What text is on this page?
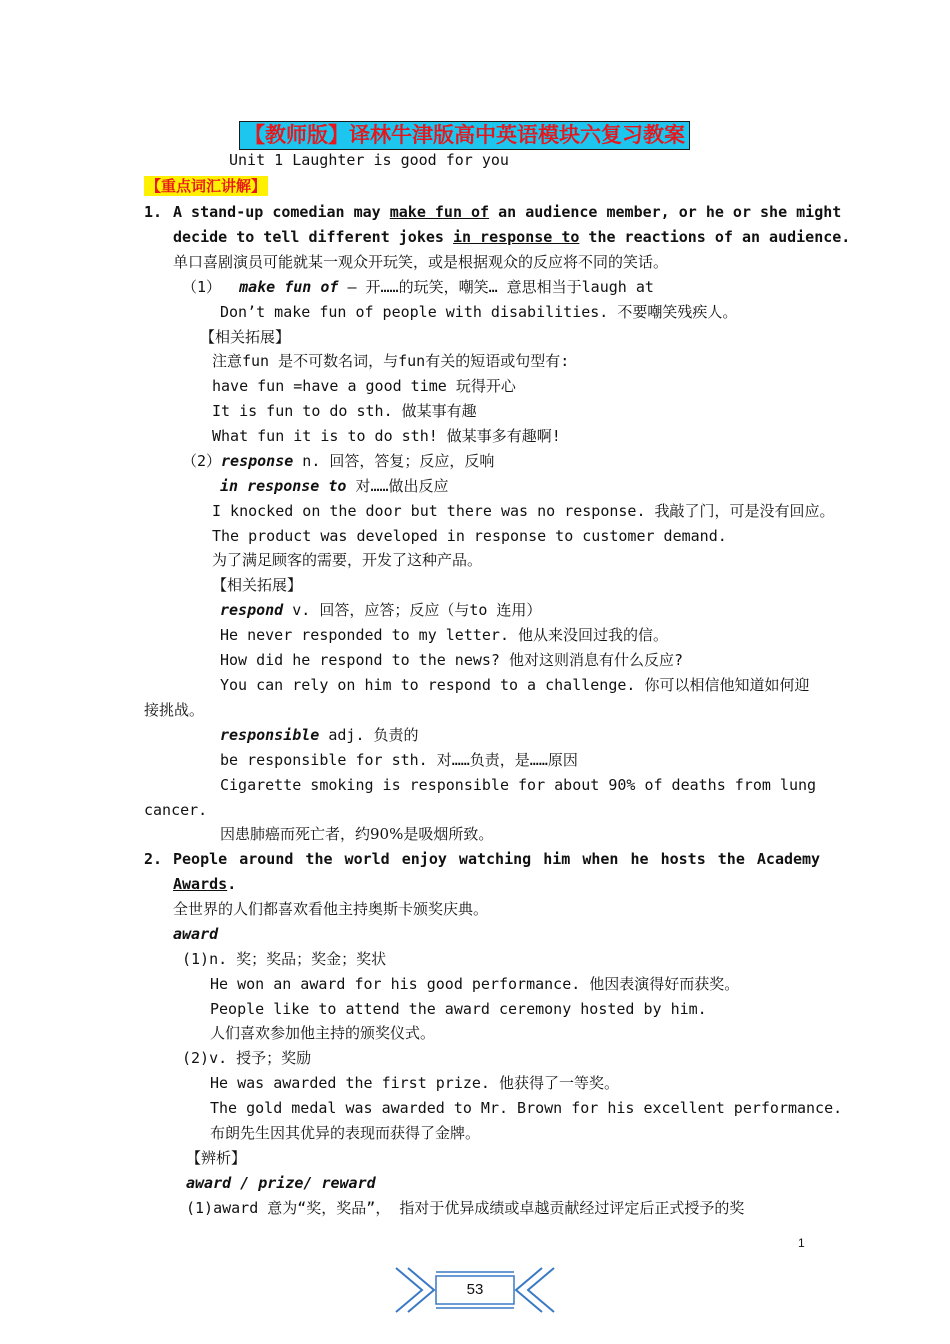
【教师版】译林牛津版高中英语模块六复习教案
Unit 1 Laughter is good for you
【重点词汇讲解】
1. A stand-up comedian may make fun of an audience member, or he or she might
decide to tell different jokes in response to the reactions of an audience.
单口喜剧演员可能就某一观众开玩笑，或是根据观众的反应将不同的笑话。
（1） make fun of – 开……的玩笑，嘲笑… 意思相当于laugh at
Don’t make fun of people with disabilities. 不要嘲笑残疾人。
【相关拓展】
注意fun 是不可数名词，与fun有关的短语或句型有:
have fun =have a good time 玩得开心
It is fun to do sth. 做某事有趣
What fun it is to do sth! 做某事多有趣啊!
（2）response n. 回答，答复；反应，反响
in response to 对……做出反应
I knocked on the door but there was no response. 我敲了门，可是没有回应。
The product was developed in response to customer demand.
为了满足顾客的需要，开发了这种产品。
【相关拓展】
respond v. 回答，应答；反应（与to 连用）
He never responded to my letter. 他从来没回过我的信。
How did he respond to the news? 他对这则消息有什么反应?
You can rely on him to respond to a challenge. 你可以相信他知道如何迎
接挑战。
responsible adj. 负责的
be responsible for sth. 对……负责，是……原因
Cigarette smoking is responsible for about 90% of deaths from lung
cancer.
因患肺癌而死亡者，约90%是吸烟所致。
2. People around the world enjoy watching him when he hosts the Academy
Awards.
全世界的人们都喜欢看他主持奥斯卡颁奖庆典。
award
(1)n. 奖；奖品；奖金；奖状
He won an award for his good performance. 他因表演得好而获奖。
People like to attend the award ceremony hosted by him.
人们喜欢参加他主持的颁奖仪式。
(2)v. 授予；奖励
He was awarded the first prize. 他获得了一等奖。
The gold medal was awarded to Mr. Brown for his excellent performance.
布朗先生因其优异的表现而获得了金牌。
【辨析】
award / prize/ reward
(1)award 意为“奖，奖品”， 指对于优异成绩或卓越贡献经过评定后正式授予的奖
1
53
